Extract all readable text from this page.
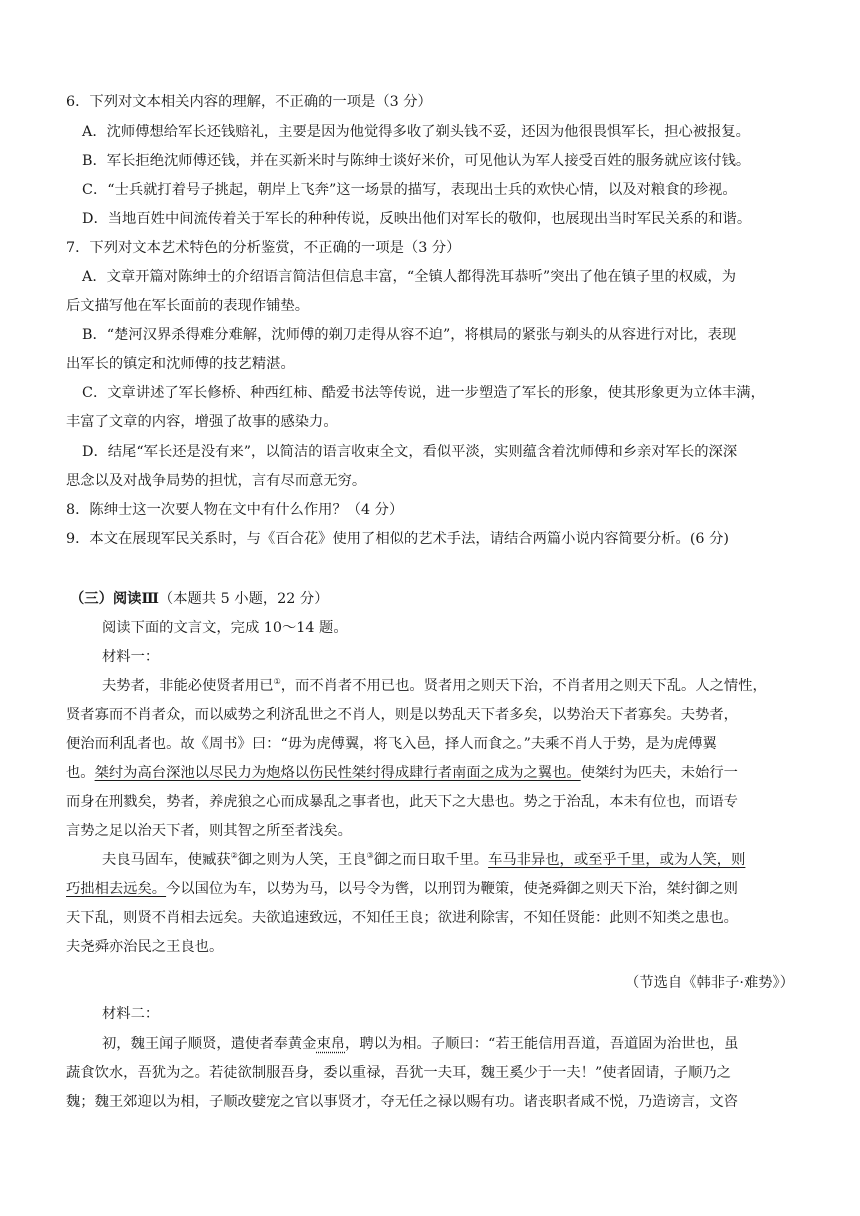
6．下列对文本相关内容的理解，不正确的一项是（3 分）
A．沈师傅想给军长还钱赔礼，主要是因为他觉得多收了剃头钱不妥，还因为他很畏惧军长，担心被报复。
B．军长拒绝沈师傅还钱，并在买新米时与陈绅士谈好米价，可见他认为军人接受百姓的服务就应该付钱。
C．“士兵就打着号子挑起，朝岸上飞奔”这一场景的描写，表现出士兵的欢快心情，以及对粮食的珍视。
D．当地百姓中间流传着关于军长的种种传说，反映出他们对军长的敬仰，也展现出当时军民关系的和谐。
7．下列对文本艺术特色的分析鉴赏，不正确的一项是（3 分）
A．文章开篇对陈绅士的介绍语言简洁但信息丰富，“全镇人都得洗耳恭听”突出了他在镇子里的权威，为
后文描写他在军长面前的表现作铺垫。
B．“楚河汉界杀得难分难解，沈师傅的剃刀走得从容不迫”，将棋局的紧张与剃头的从容进行对比，表现
出军长的镇定和沈师傅的技艺精湛。
C．文章讲述了军长修桥、种西红柿、酷爱书法等传说，进一步塑造了军长的形象，使其形象更为立体丰满，
丰富了文章的内容，增强了故事的感染力。
D．结尾“军长还是没有来”，以简洁的语言收束全文，看似平淡，实则蕴含着沈师傅和乡亲对军长的深深
思念以及对战争局势的担忧，言有尽而意无穷。
8．陈绅士这一次要人物在文中有什么作用？（4 分）
9．本文在展现军民关系时，与《百合花》使用了相似的艺术手法，请结合两篇小说内容简要分析。(6 分)
（三）阅读Ⅲ（本题共 5 小题，22 分）
阅读下面的文言文，完成 10～14 题。
材料一：
夫势者，非能必使贤者用已①，而不肖者不用已也。贤者用之则天下治，不肖者用之则天下乱。人之情性，
贤者寡而不肖者众，而以威势之利济乱世之不肖人，则是以势乱天下者多矣，以势治天下者寡矣。夫势者，
便治而利乱者也。故《周书》曰：“毋为虎傅翼，将飞入邑，择人而食之。”夫乘不肖人于势，是为虎傅翼
也。桀纣为高台深池以尽民力为炮烙以伤民性桀纣得成肆行者南面之成为之翼也。使桀纣为匹夫，未始行一
而身在刑戮矣，势者，养虎狼之心而成暴乱之事者也，此天下之大患也。势之于治乱，本未有位也，而语专
言势之足以治天下者，则其智之所至者浅矣。
夫良马固车，使臧获②御之则为人笑，王良③御之而日取千里。车马非异也，或至乎千里，或为人笑，则
巧拙相去远矣。今以国位为车，以势为马，以号令为辔，以刑罚为鞭策，使尧舜御之则天下治，桀纣御之则
天下乱，则贤不肖相去远矣。夫欲追速致远，不知任王良；欲进利除害，不知任贤能：此则不知类之患也。
夫尧舜亦治民之王良也。
（节选自《韩非子·难势》）
材料二：
初，魏王闻子顺贤，遣使者奉黄金束帛，聘以为相。子顺曰：“若王能信用吾道，吾道固为治世也，虽
蔬食饮水，吾犹为之。若徒欲制服吾身，委以重禄，吾犹一夫耳，魏王奚少于一夫！”使者固请，子顺乃之
魏；魏王郊迎以为相，子顺改嬖宠之官以事贤才，夺无任之禄以赐有功。诸丧职者咸不悦，乃造谤言，文咨
